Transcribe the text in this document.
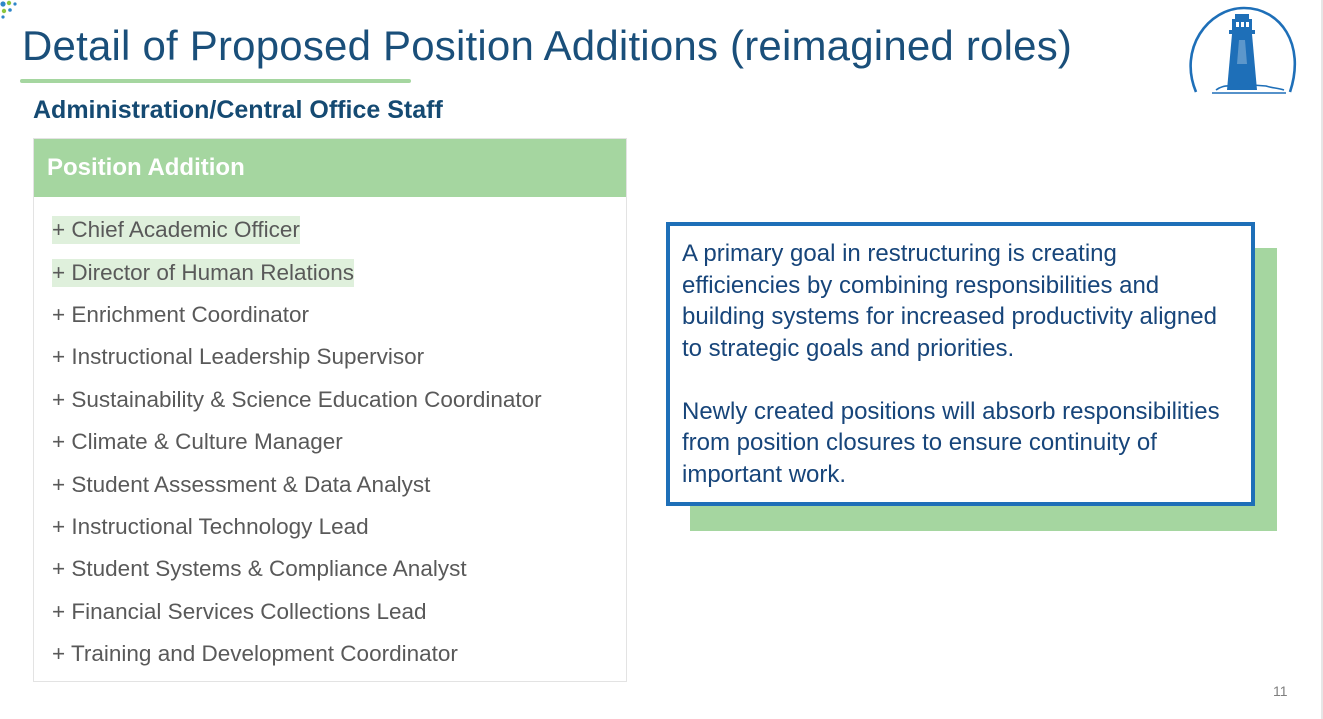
Detail of Proposed Position Additions (reimagined roles)
Administration/Central Office Staff
Position Addition
+ Chief Academic Officer
+ Director of Human Relations
+ Enrichment Coordinator
+ Instructional Leadership Supervisor
+ Sustainability & Science Education Coordinator
+ Climate & Culture Manager
+ Student Assessment & Data Analyst
+ Instructional Technology Lead
+ Student Systems & Compliance Analyst
+ Financial Services Collections Lead
+ Training and Development Coordinator

A primary goal in restructuring is creating efficiencies by combining responsibilities and building systems for increased productivity aligned to strategic goals and priorities.

Newly created positions will absorb responsibilities from position closures to ensure continuity of important work.

11
